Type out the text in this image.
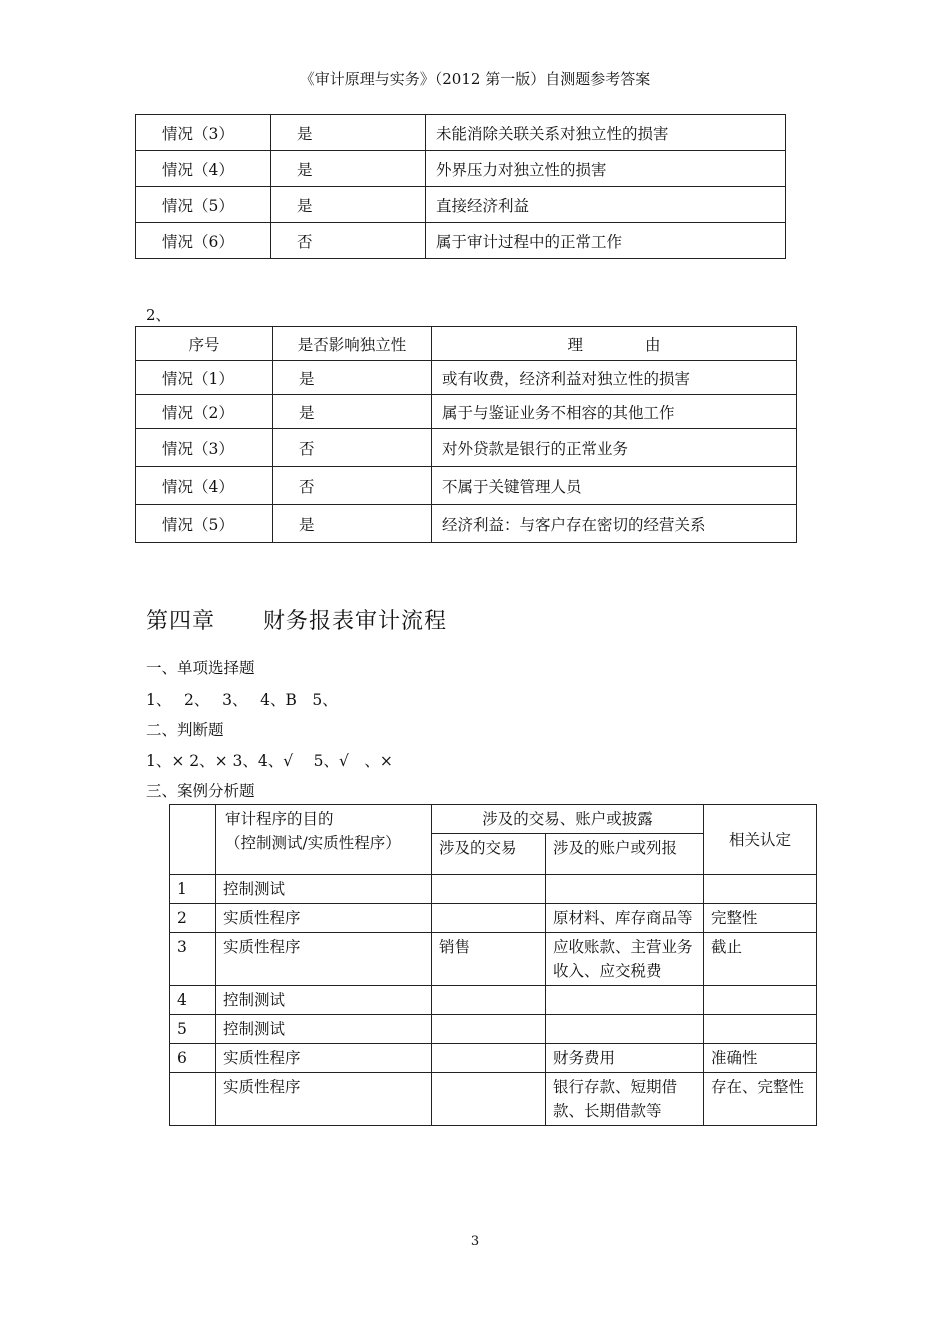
《审计原理与实务》（2012 第一版）自测题参考答案
情况（3）	是	未能消除关联关系对独立性的损害
情况（4）	是	外界压力对独立性的损害
情况（5）	是	直接经济利益
情况（6）	否	属于审计过程中的正常工作
2、
序号	是否影响独立性	理　　　　由
情况（1）	是	或有收费，经济利益对独立性的损害
情况（2）	是	属于与鉴证业务不相容的其他工作
情况（3）	否	对外贷款是银行的正常业务
情况（4）	否	不属于关键管理人员
情况（5）	是	经济利益：与客户存在密切的经营关系
第四章 财务报表审计流程
一、单项选择题
1、　 2、　 3、　 4、B　5、
二、判断题
1、× 2、× 3、4、√　 5、√　、×
三、案例分析题

	审计程序的目的
（控制测试/实质性程序）	涉及的交易、账户或披露		相关认定
		涉及的交易	涉及的账户或列报	
1	控制测试			
2	实质性程序		原材料、库存商品等	完整性
3	实质性程序	销售	应收账款、主营业务收入、应交税费	截止
4	控制测试			
5	控制测试			
6	实质性程序		财务费用	准确性
	实质性程序		银行存款、短期借款、长期借款等	存在、完整性
3
